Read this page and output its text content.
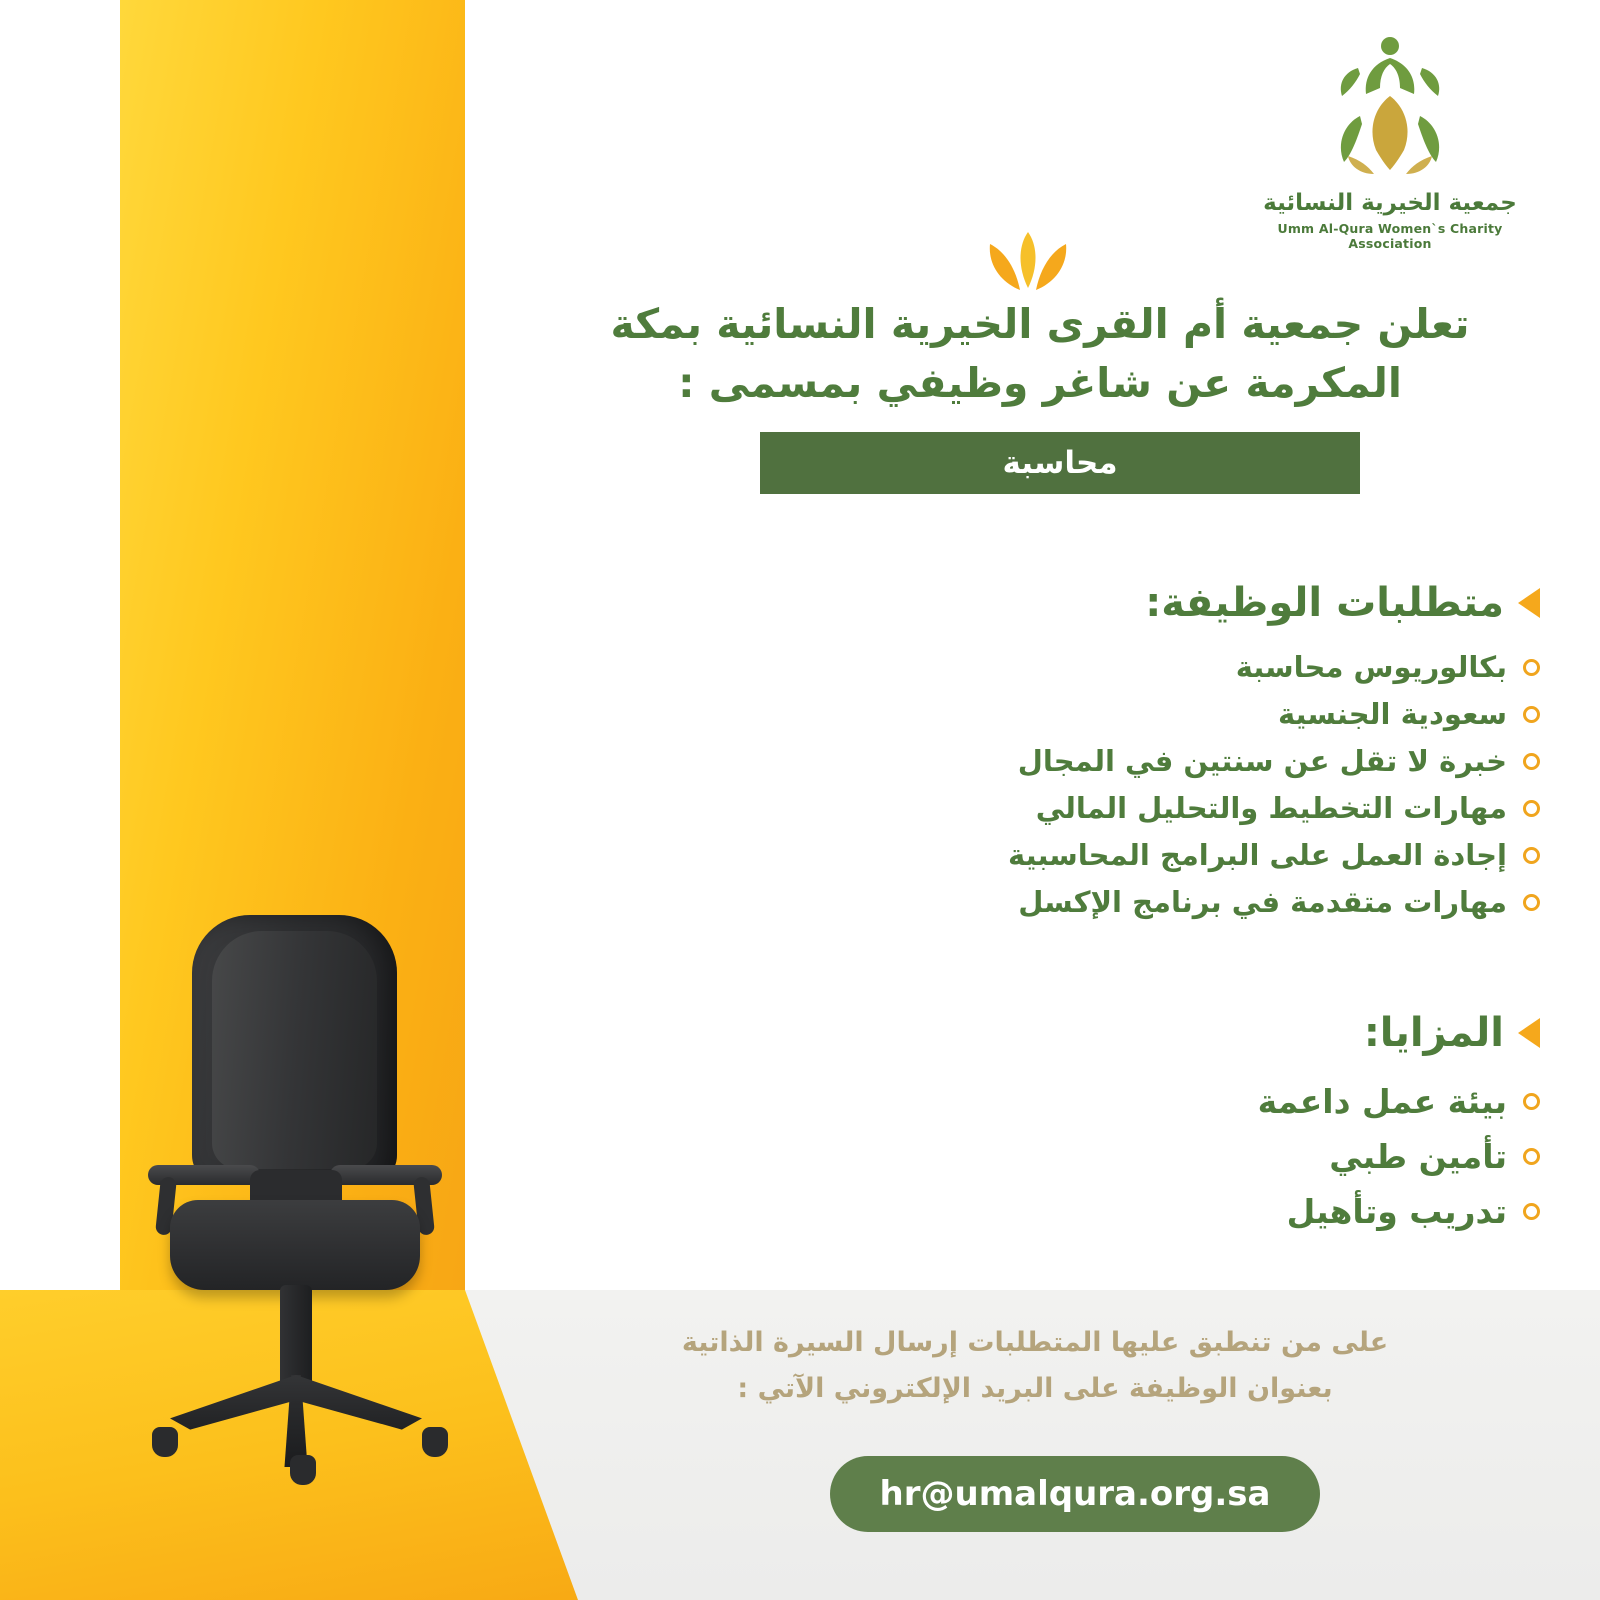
جمعية الخيرية النسائية
Umm Al-Qura Women`s Charity Association
تعلن جمعية أم القرى الخيرية النسائية بمكة المكرمة عن شاغر وظيفي بمسمى :
محاسبة
متطلبات الوظيفة:
بكالوريوس محاسبة
سعودية الجنسية
خبرة لا تقل عن سنتين في المجال
مهارات التخطيط والتحليل المالي
إجادة العمل على البرامج المحاسبية
مهارات متقدمة في برنامج الإكسل
المزايا:
بيئة عمل داعمة
تأمين طبي
تدريب وتأهيل
على من تنطبق عليها المتطلبات إرسال السيرة الذاتية
بعنوان الوظيفة على البريد الإلكتروني الآتي :
hr@umalqura.org.sa
